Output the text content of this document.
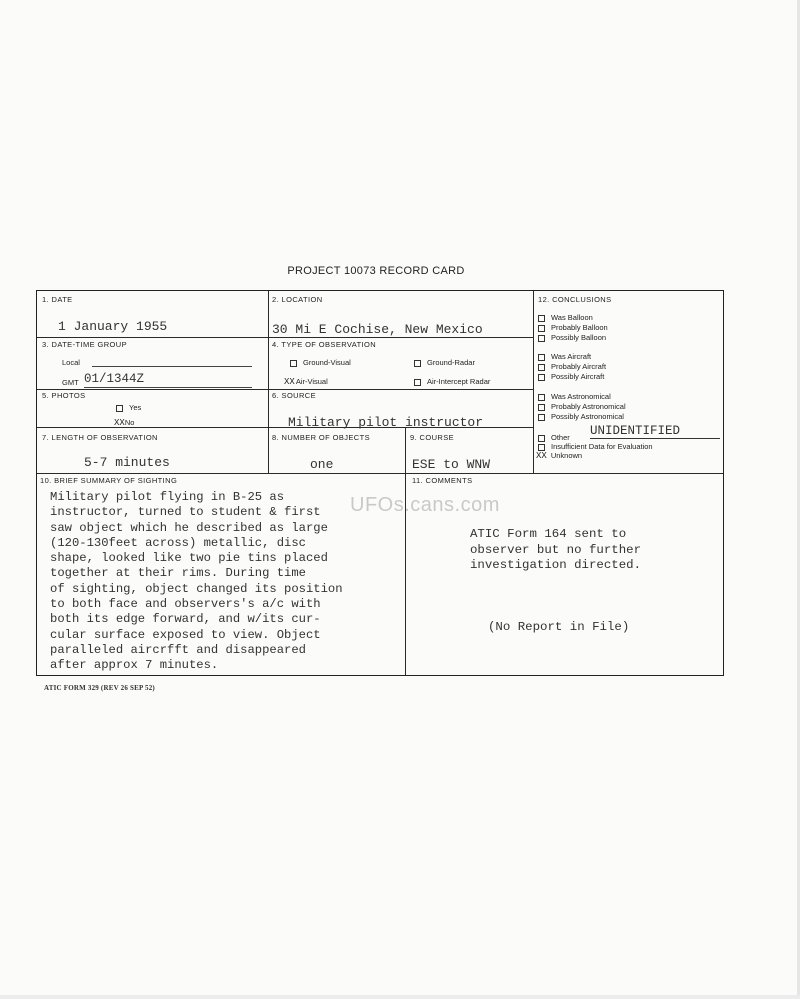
PROJECT 10073 RECORD CARD
1. DATE
1 January 1955
2. LOCATION
30 Mi E Cochise, New Mexico
3. DATE-TIME GROUP
Local
GMT 01/1344Z
4. TYPE OF OBSERVATION
Ground-Visual	Ground-Radar
XXAir-Visual	Air-Intercept Radar
5. PHOTOS
Yes
XXNo
6. SOURCE
Military pilot instructor
7. LENGTH OF OBSERVATION
5-7 minutes
8. NUMBER OF OBJECTS
one
9. COURSE
ESE to WNW
10. BRIEF SUMMARY OF SIGHTING
Military pilot flying in B-25 as
instructor, turned to student & first
saw object which he described as large
(120-130feet across) metallic, disc
shape, looked like two pie tins placed
together at their rims. During time
of sighting, object changed its position
to both face and observers's a/c with
both its edge forward, and w/its cur-
cular surface exposed to view. Object
paralleled aircrfft and disappeared
after approx 7 minutes.
11. COMMENTS
ATIC Form 164 sent to
observer but no further
investigation directed.
(No Report in File)
12. CONCLUSIONS
Was Balloon
Probably Balloon
Possibly Balloon
Was Aircraft
Probably Aircraft
Possibly Aircraft
Was Astronomical
Probably Astronomical
Possibly Astronomical
Other UNIDENTIFIED
Insufficient Data for Evaluation
XX Unknown
UFOs.cans.com
ATIC FORM 329 (REV 26 SEP 52)
